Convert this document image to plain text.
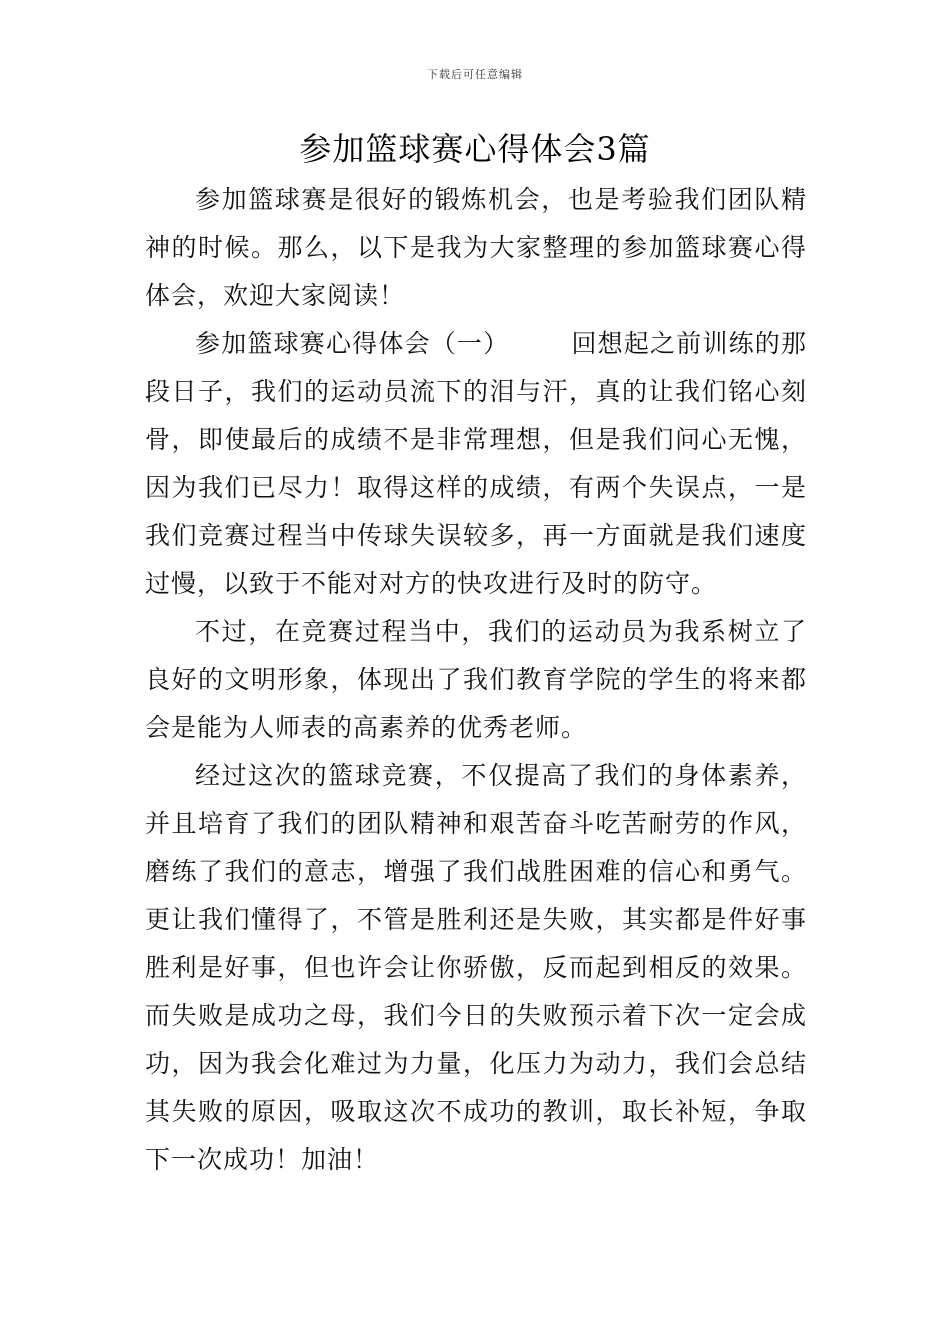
下载后可任意编辑
参加篮球赛心得体会3篇

参加篮球赛是很好的锻炼机会，也是考验我们团队精神的时候。那么，以下是我为大家整理的参加篮球赛心得体会，欢迎大家阅读！

参加篮球赛心得体会（一） 回想起之前训练的那段日子，我们的运动员流下的泪与汗，真的让我们铭心刻骨，即使最后的成绩不是非常理想，但是我们问心无愧，因为我们已尽力！取得这样的成绩，有两个失误点，一是我们竞赛过程当中传球失误较多，再一方面就是我们速度过慢，以致于不能对对方的快攻进行及时的防守。

不过，在竞赛过程当中，我们的运动员为我系树立了良好的文明形象，体现出了我们教育学院的学生的将来都会是能为人师表的高素养的优秀老师。

经过这次的篮球竞赛，不仅提高了我们的身体素养，并且培育了我们的团队精神和艰苦奋斗吃苦耐劳的作风，磨练了我们的意志，增强了我们战胜困难的信心和勇气。更让我们懂得了，不管是胜利还是失败，其实都是件好事胜利是好事，但也许会让你骄傲，反而起到相反的效果。而失败是成功之母，我们今日的失败预示着下次一定会成功，因为我会化难过为力量，化压力为动力，我们会总结其失败的原因，吸取这次不成功的教训，取长补短，争取下一次成功！加油！
